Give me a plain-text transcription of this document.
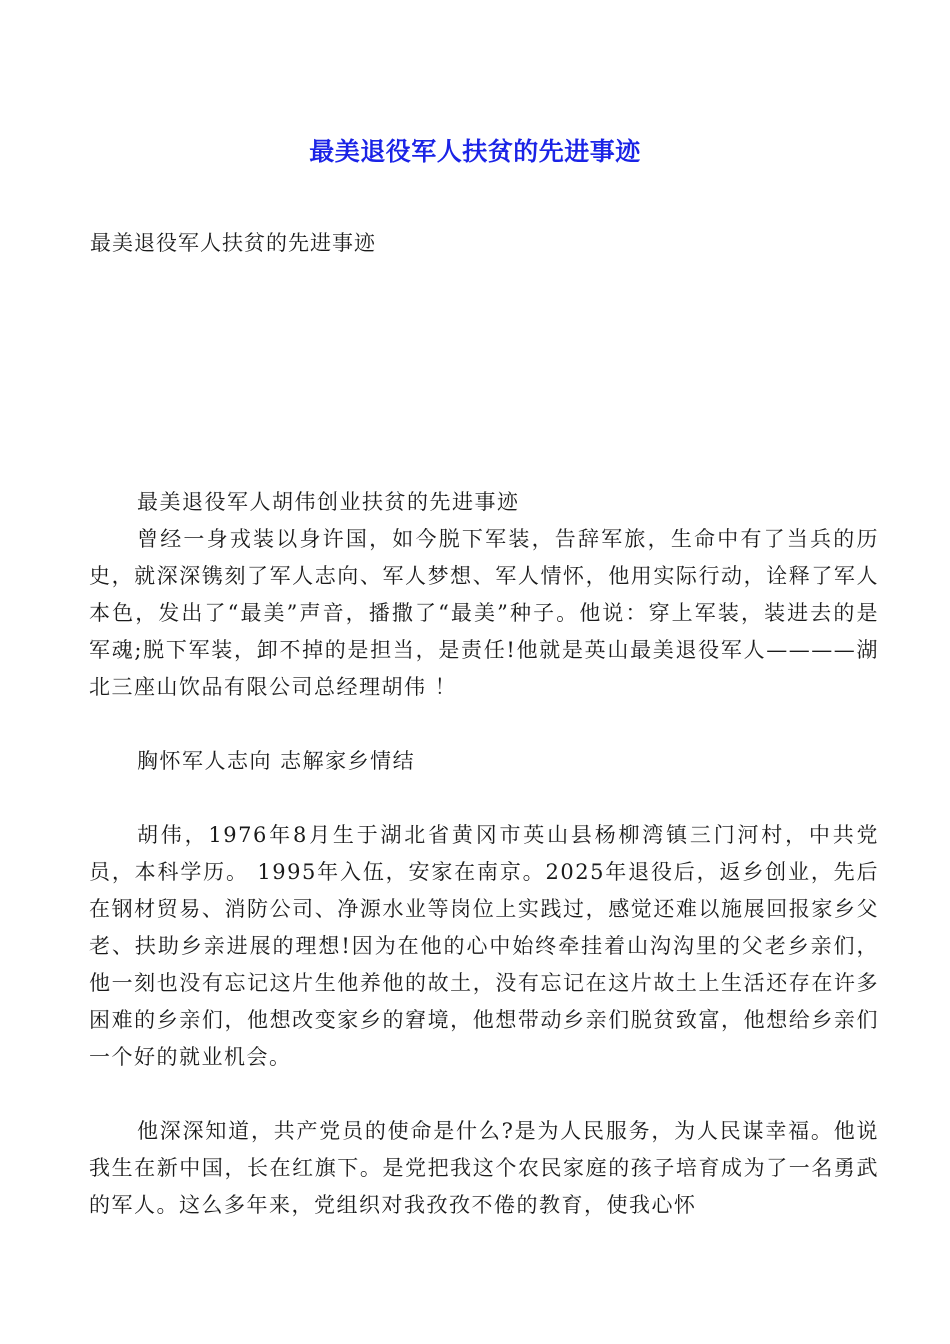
最美退役军人扶贫的先进事迹

最美退役军人扶贫的先进事迹

最美退役军人胡伟创业扶贫的先进事迹

曾经一身戎装以身许国，如今脱下军装，告辞军旅，生命中有了当兵的历史，就深深镌刻了军人志向、军人梦想、军人情怀，他用实际行动，诠释了军人本色，发出了“最美”声音，播撒了“最美”种子。他说：穿上军装，装进去的是军魂;脱下军装，卸不掉的是担当，是责任!他就是英山最美退役军人————湖北三座山饮品有限公司总经理胡伟 ！

胸怀军人志向 志解家乡情结

胡伟，1976年8月生于湖北省黄冈市英山县杨柳湾镇三门河村，中共党员，本科学历。 1995年入伍，安家在南京。2025年退役后，返乡创业，先后在钢材贸易、消防公司、净源水业等岗位上实践过，感觉还难以施展回报家乡父老、扶助乡亲进展的理想!因为在他的心中始终牵挂着山沟沟里的父老乡亲们，他一刻也没有忘记这片生他养他的故土，没有忘记在这片故土上生活还存在许多困难的乡亲们，他想改变家乡的窘境，他想带动乡亲们脱贫致富，他想给乡亲们一个好的就业机会。

他深深知道，共产党员的使命是什么?是为人民服务，为人民谋幸福。他说我生在新中国，长在红旗下。是党把我这个农民家庭的孩子培育成为了一名勇武的军人。这么多年来，党组织对我孜孜不倦的教育，使我心怀
